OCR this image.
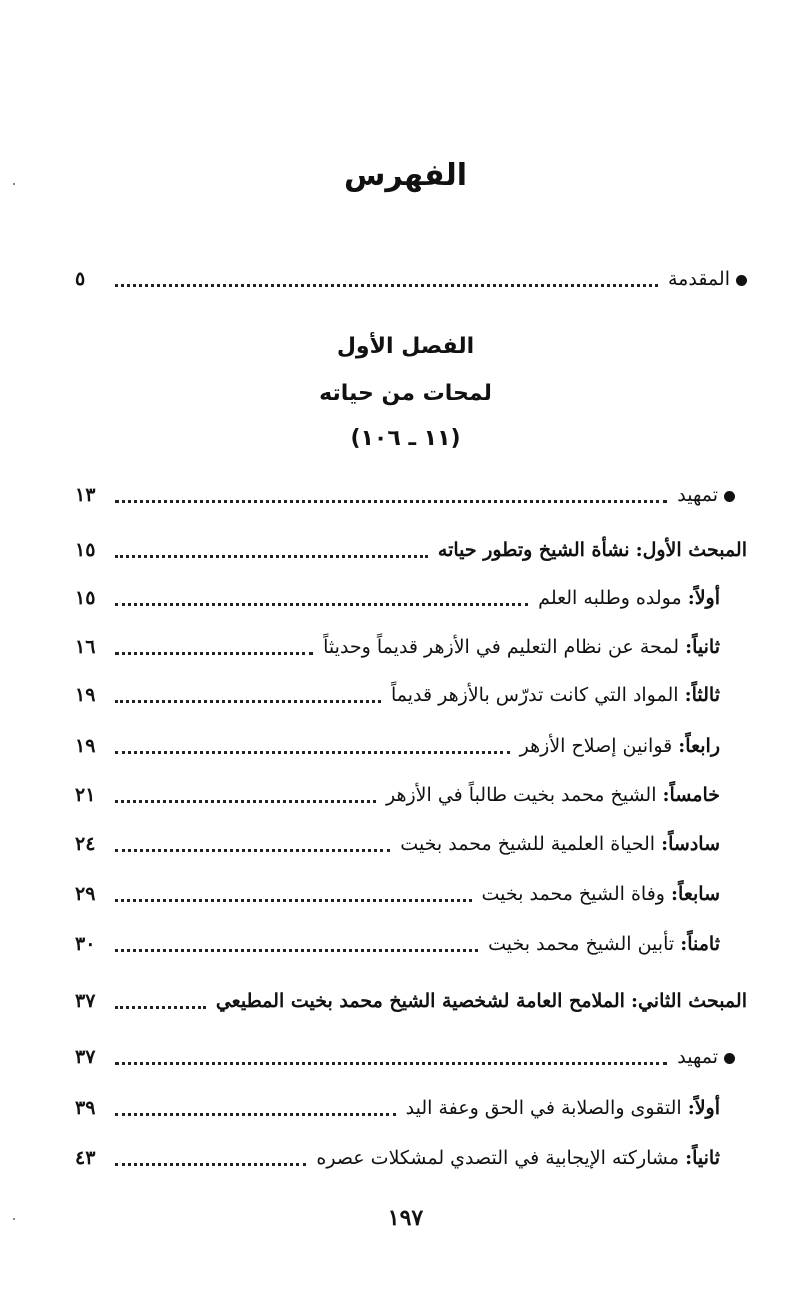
الفهرس
المقدمة
٥
الفصل الأول
لمحات من حياته
(١١ ـ ١٠٦)
تمهيد
١٣
المبحث الأول: نشأة الشيخ وتطور حياته
١٥
أولاً: مولده وطلبه العلم
١٥
ثانياً: لمحة عن نظام التعليم في الأزهر قديماً وحديثاً
١٦
ثالثاً: المواد التي كانت تدرّس بالأزهر قديماً
١٩
رابعاً: قوانين إصلاح الأزهر
١٩
خامساً: الشيخ محمد بخيت طالباً في الأزهر
٢١
سادساً: الحياة العلمية للشيخ محمد بخيت
٢٤
سابعاً: وفاة الشيخ محمد بخيت
٢٩
ثامناً: تأبين الشيخ محمد بخيت
٣٠
المبحث الثاني: الملامح العامة لشخصية الشيخ محمد بخيت المطيعي
٣٧
تمهيد
٣٧
أولاً: التقوى والصلابة في الحق وعفة اليد
٣٩
ثانياً: مشاركته الإيجابية في التصدي لمشكلات عصره
٤٣
١٩٧
